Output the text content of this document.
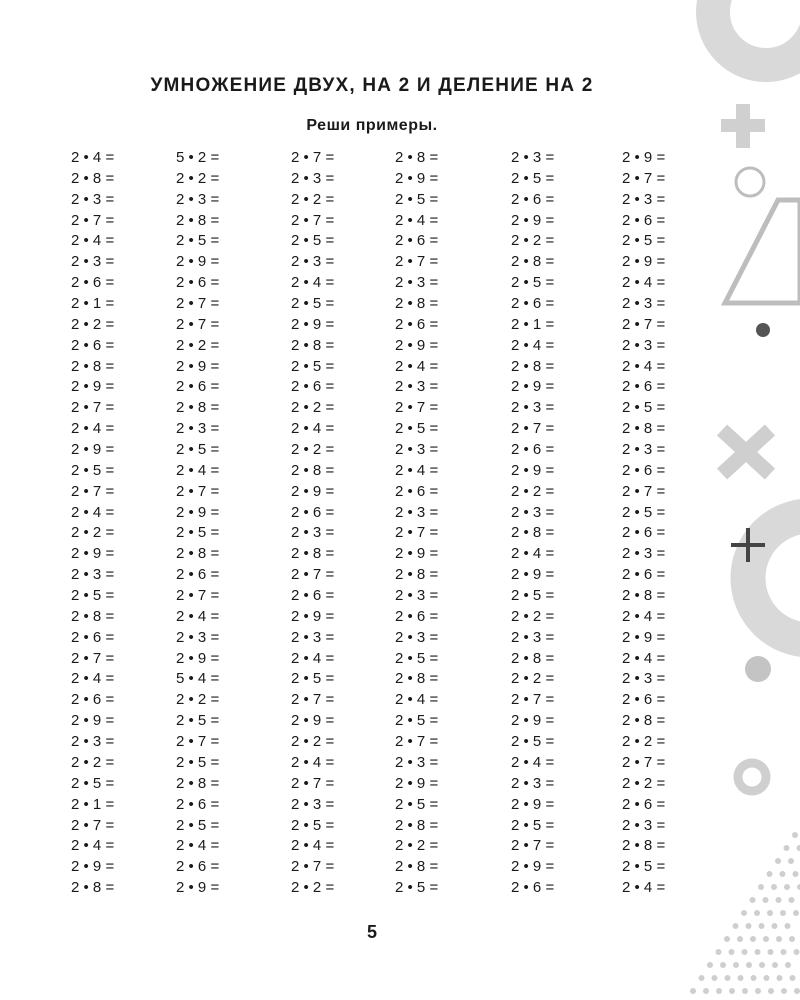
УМНОЖЕНИЕ ДВУХ, НА 2 И ДЕЛЕНИЕ НА 2
Реши примеры.
2 • 4 =
2 • 8 =
2 • 3 =
2 • 7 =
2 • 4 =
2 • 3 =
2 • 6 =
2 • 1 =
2 • 2 =
2 • 6 =
2 • 8 =
2 • 9 =
2 • 7 =
2 • 4 =
2 • 9 =
2 • 5 =
2 • 7 =
2 • 4 =
2 • 2 =
2 • 9 =
2 • 3 =
2 • 5 =
2 • 8 =
2 • 6 =
2 • 7 =
2 • 4 =
2 • 6 =
2 • 9 =
2 • 3 =
2 • 2 =
2 • 5 =
2 • 1 =
2 • 7 =
2 • 4 =
2 • 9 =
2 • 8 =
5 • 2 =
2 • 2 =
2 • 3 =
2 • 8 =
2 • 5 =
2 • 9 =
2 • 6 =
2 • 7 =
2 • 7 =
2 • 2 =
2 • 9 =
2 • 6 =
2 • 8 =
2 • 3 =
2 • 5 =
2 • 4 =
2 • 7 =
2 • 9 =
2 • 5 =
2 • 8 =
2 • 6 =
2 • 7 =
2 • 4 =
2 • 3 =
2 • 9 =
5 • 4 =
2 • 2 =
2 • 5 =
2 • 7 =
2 • 5 =
2 • 8 =
2 • 6 =
2 • 5 =
2 • 4 =
2 • 6 =
2 • 9 =
2 • 7 =
2 • 3 =
2 • 2 =
2 • 7 =
2 • 5 =
2 • 3 =
2 • 4 =
2 • 5 =
2 • 9 =
2 • 8 =
2 • 5 =
2 • 6 =
2 • 2 =
2 • 4 =
2 • 2 =
2 • 8 =
2 • 9 =
2 • 6 =
2 • 3 =
2 • 8 =
2 • 7 =
2 • 6 =
2 • 9 =
2 • 3 =
2 • 4 =
2 • 5 =
2 • 7 =
2 • 9 =
2 • 2 =
2 • 4 =
2 • 7 =
2 • 3 =
2 • 5 =
2 • 4 =
2 • 7 =
2 • 2 =
2 • 8 =
2 • 9 =
2 • 5 =
2 • 4 =
2 • 6 =
2 • 7 =
2 • 3 =
2 • 8 =
2 • 6 =
2 • 9 =
2 • 4 =
2 • 3 =
2 • 7 =
2 • 5 =
2 • 3 =
2 • 4 =
2 • 6 =
2 • 3 =
2 • 7 =
2 • 9 =
2 • 8 =
2 • 3 =
2 • 6 =
2 • 3 =
2 • 5 =
2 • 8 =
2 • 4 =
2 • 5 =
2 • 7 =
2 • 3 =
2 • 9 =
2 • 5 =
2 • 8 =
2 • 2 =
2 • 8 =
2 • 5 =
2 • 3 =
2 • 5 =
2 • 6 =
2 • 9 =
2 • 2 =
2 • 8 =
2 • 5 =
2 • 6 =
2 • 1 =
2 • 4 =
2 • 8 =
2 • 9 =
2 • 3 =
2 • 7 =
2 • 6 =
2 • 9 =
2 • 2 =
2 • 3 =
2 • 8 =
2 • 4 =
2 • 9 =
2 • 5 =
2 • 2 =
2 • 3 =
2 • 8 =
2 • 2 =
2 • 7 =
2 • 9 =
2 • 5 =
2 • 4 =
2 • 3 =
2 • 9 =
2 • 5 =
2 • 7 =
2 • 9 =
2 • 6 =
2 • 9 =
2 • 7 =
2 • 3 =
2 • 6 =
2 • 5 =
2 • 9 =
2 • 4 =
2 • 3 =
2 • 7 =
2 • 3 =
2 • 4 =
2 • 6 =
2 • 5 =
2 • 8 =
2 • 3 =
2 • 6 =
2 • 7 =
2 • 5 =
2 • 6 =
2 • 3 =
2 • 6 =
2 • 8 =
2 • 4 =
2 • 9 =
2 • 4 =
2 • 3 =
2 • 6 =
2 • 8 =
2 • 2 =
2 • 7 =
2 • 2 =
2 • 6 =
2 • 3 =
2 • 8 =
2 • 5 =
2 • 4 =
5
